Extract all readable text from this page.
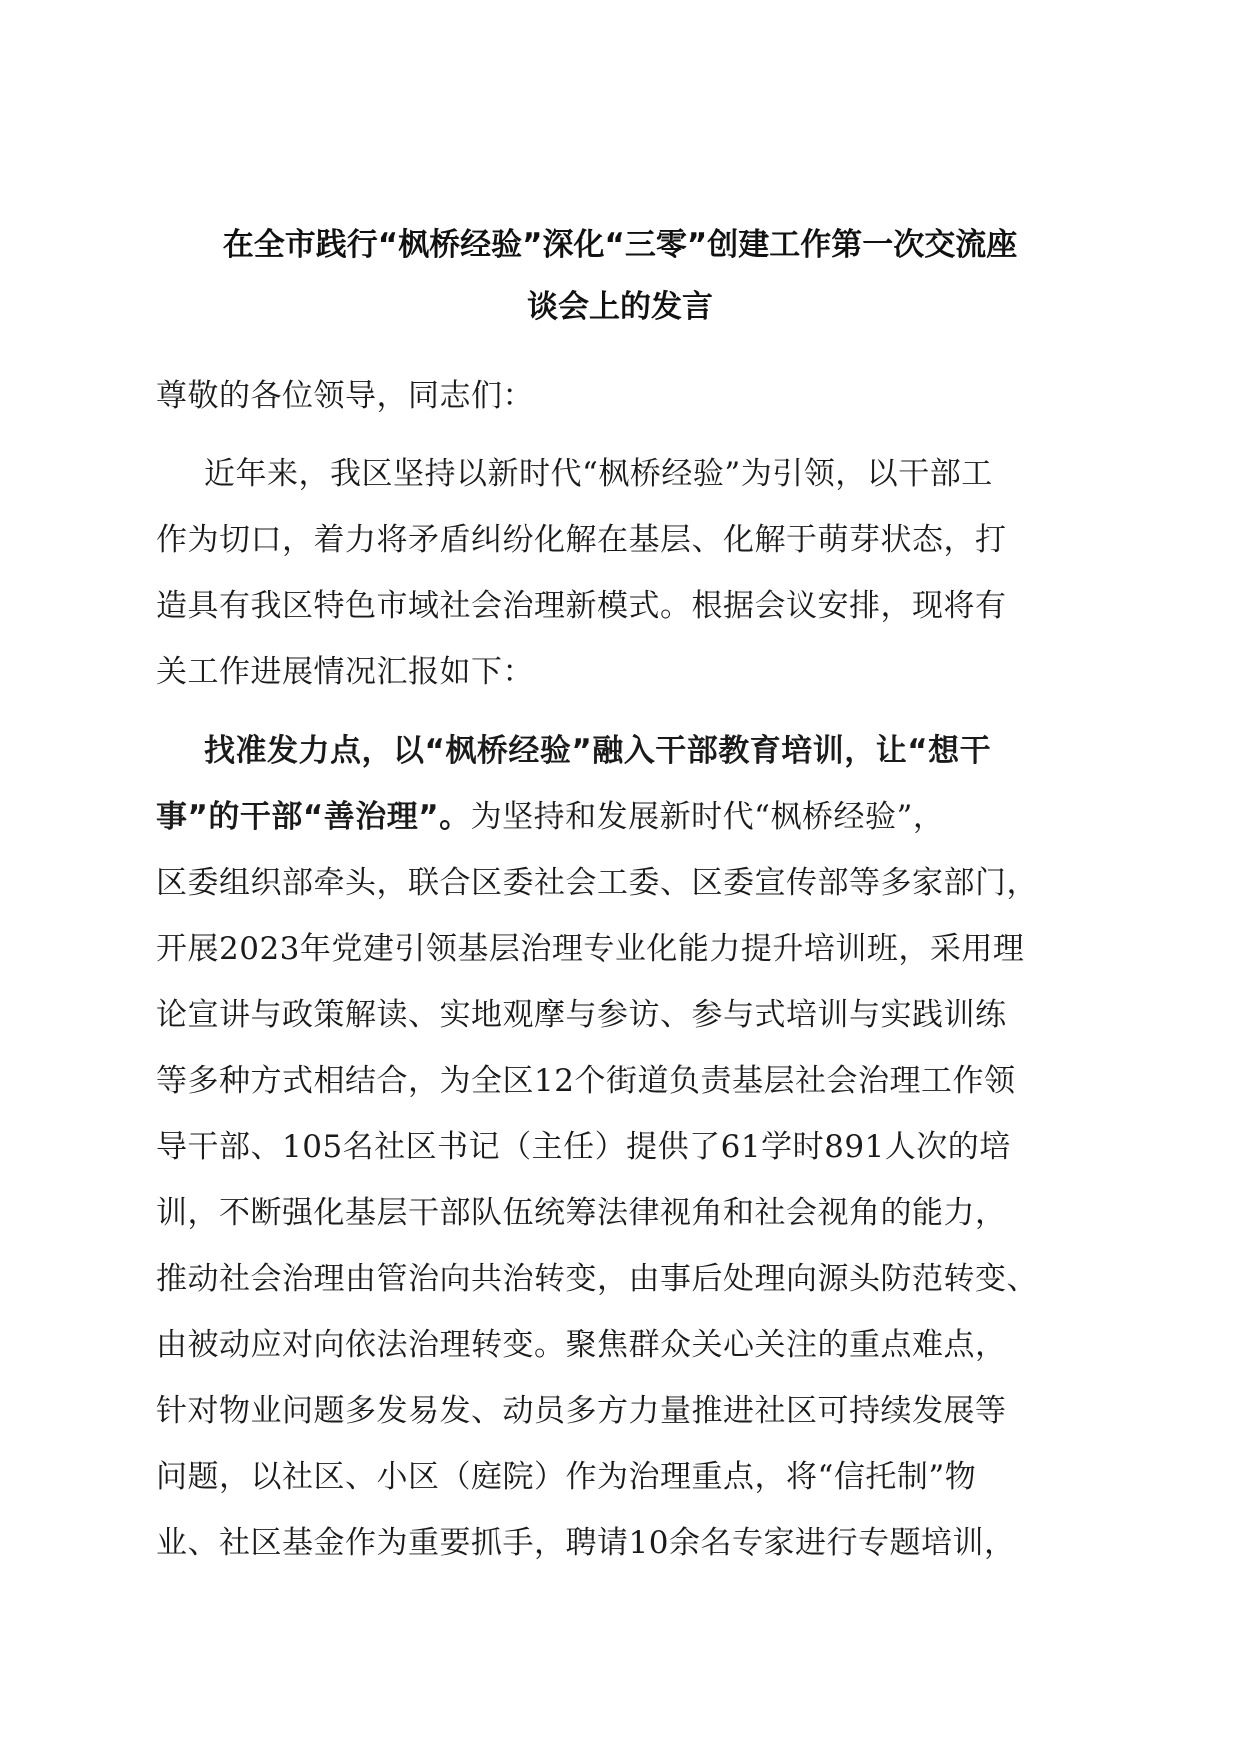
在全市践行“枫桥经验”深化“三零”创建工作第一次交流座
谈会上的发言
尊敬的各位领导，同志们：
近年来，我区坚持以新时代“枫桥经验”为引领，以干部工
作为切口，着力将矛盾纠纷化解在基层、化解于萌芽状态，打
造具有我区特色市域社会治理新模式。根据会议安排，现将有
关工作进展情况汇报如下：
找准发力点，以“枫桥经验”融入干部教育培训，让“想干
事”的干部“善治理”。为坚持和发展新时代“枫桥经验”，
区委组织部牵头，联合区委社会工委、区委宣传部等多家部门，
开展2023年党建引领基层治理专业化能力提升培训班，采用理
论宣讲与政策解读、实地观摩与参访、参与式培训与实践训练
等多种方式相结合，为全区12个街道负责基层社会治理工作领
导干部、105名社区书记（主任）提供了61学时891人次的培
训，不断强化基层干部队伍统筹法律视角和社会视角的能力，
推动社会治理由管治向共治转变，由事后处理向源头防范转变、
由被动应对向依法治理转变。聚焦群众关心关注的重点难点，
针对物业问题多发易发、动员多方力量推进社区可持续发展等
问题，以社区、小区（庭院）作为治理重点，将“信托制”物
业、社区基金作为重要抓手，聘请10余名专家进行专题培训，
